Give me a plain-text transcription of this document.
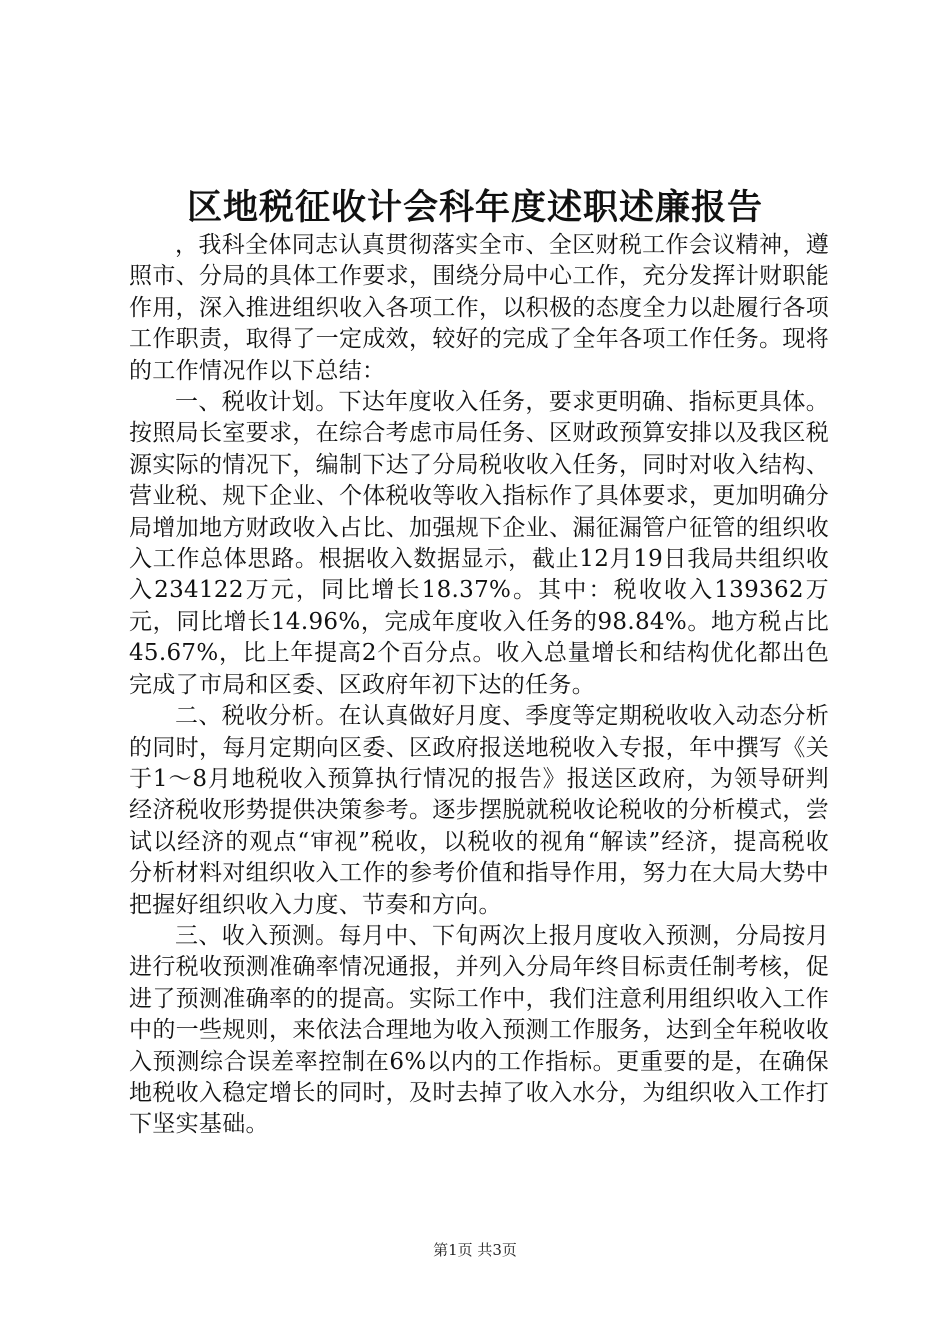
区地税征收计会科年度述职述廉报告

，我科全体同志认真贯彻落实全市、全区财税工作会议精神，遵照市、分局的具体工作要求，围绕分局中心工作，充分发挥计财职能作用，深入推进组织收入各项工作，以积极的态度全力以赴履行各项工作职责，取得了一定成效，较好的完成了全年各项工作任务。现将的工作情况作以下总结：

一、税收计划。下达年度收入任务，要求更明确、指标更具体。按照局长室要求，在综合考虑市局任务、区财政预算安排以及我区税源实际的情况下，编制下达了分局税收收入任务，同时对收入结构、营业税、规下企业、个体税收等收入指标作了具体要求，更加明确分局增加地方财政收入占比、加强规下企业、漏征漏管户征管的组织收入工作总体思路。根据收入数据显示，截止12月19日我局共组织收入234122万元，同比增长18.37%。其中：税收收入139362万元，同比增长14.96%，完成年度收入任务的98.84%。地方税占比45.67%，比上年提高2个百分点。收入总量增长和结构优化都出色完成了市局和区委、区政府年初下达的任务。

二、税收分析。在认真做好月度、季度等定期税收收入动态分析的同时，每月定期向区委、区政府报送地税收入专报，年中撰写《关于1～8月地税收入预算执行情况的报告》报送区政府，为领导研判经济税收形势提供决策参考。逐步摆脱就税收论税收的分析模式，尝试以经济的观点“审视”税收，以税收的视角“解读”经济，提高税收分析材料对组织收入工作的参考价值和指导作用，努力在大局大势中把握好组织收入力度、节奏和方向。

三、收入预测。每月中、下旬两次上报月度收入预测，分局按月进行税收预测准确率情况通报，并列入分局年终目标责任制考核，促进了预测准确率的的提高。实际工作中，我们注意利用组织收入工作中的一些规则，来依法合理地为收入预测工作服务，达到全年税收收入预测综合误差率控制在6%以内的工作指标。更重要的是，在确保地税收入稳定增长的同时，及时去掉了收入水分，为组织收入工作打下坚实基础。

第1页 共3页
